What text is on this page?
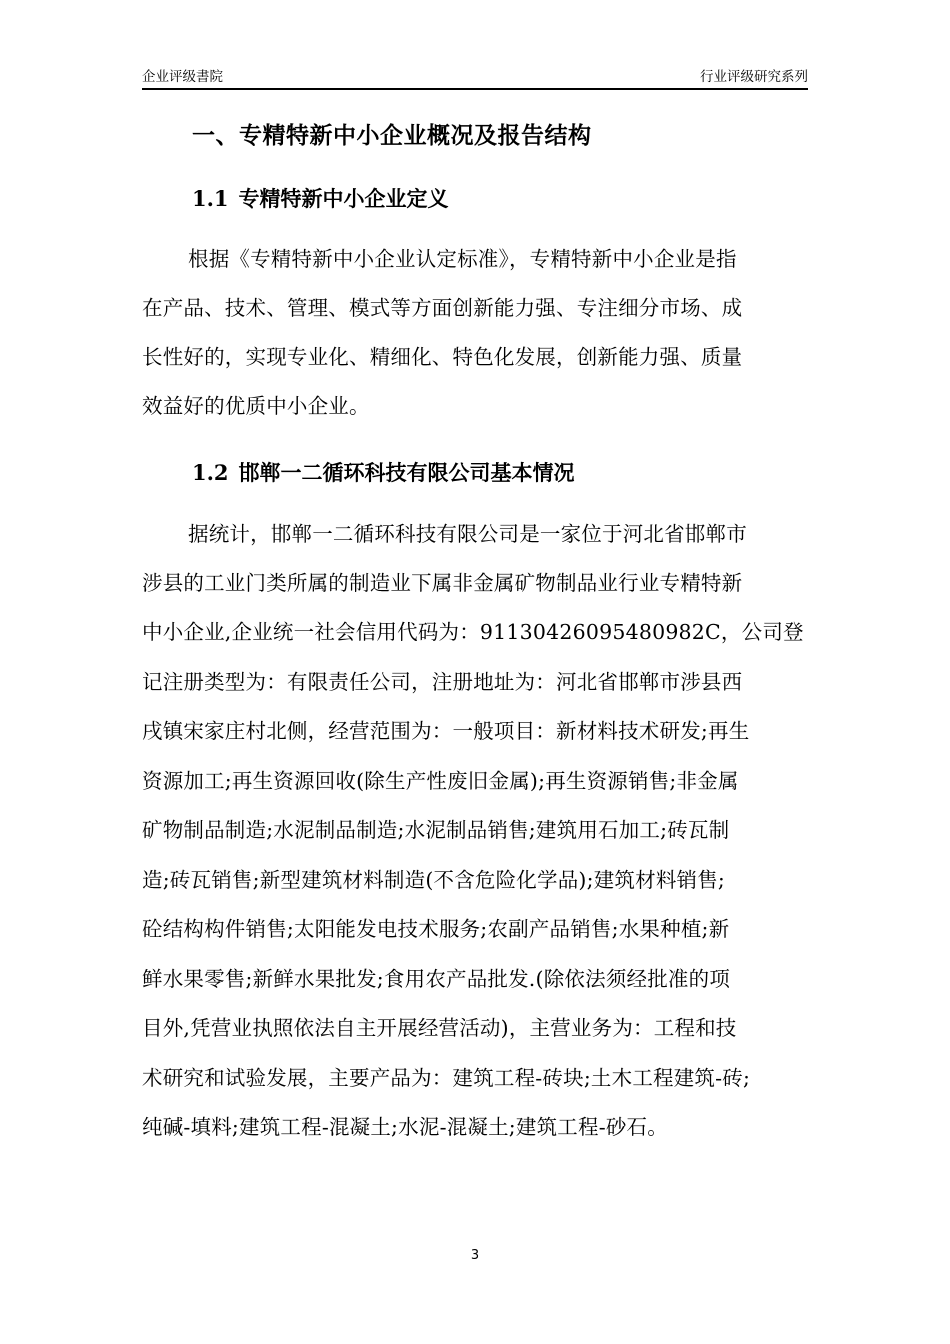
企业评级書院	行业评级研究系列
一、专精特新中小企业概况及报告结构
1.1 专精特新中小企业定义
根据《专精特新中小企业认定标准》，专精特新中小企业是指
在产品、技术、管理、模式等方面创新能力强、专注细分市场、成
长性好的，实现专业化、精细化、特色化发展，创新能力强、质量
效益好的优质中小企业。
1.2 邯郸一二循环科技有限公司基本情况
据统计，邯郸一二循环科技有限公司是一家位于河北省邯郸市
涉县的工业门类所属的制造业下属非金属矿物制品业行业专精特新
中小企业,企业统一社会信用代码为：91130426095480982C，公司登
记注册类型为：有限责任公司，注册地址为：河北省邯郸市涉县西
戌镇宋家庄村北侧，经营范围为：一般项目：新材料技术研发;再生
资源加工;再生资源回收(除生产性废旧金属);再生资源销售;非金属
矿物制品制造;水泥制品制造;水泥制品销售;建筑用石加工;砖瓦制
造;砖瓦销售;新型建筑材料制造(不含危险化学品);建筑材料销售;
砼结构构件销售;太阳能发电技术服务;农副产品销售;水果种植;新
鲜水果零售;新鲜水果批发;食用农产品批发.(除依法须经批准的项
目外,凭营业执照依法自主开展经营活动)，主营业务为：工程和技
术研究和试验发展，主要产品为：建筑工程-砖块;土木工程建筑-砖;
纯碱-填料;建筑工程-混凝土;水泥-混凝土;建筑工程-砂石。
3
